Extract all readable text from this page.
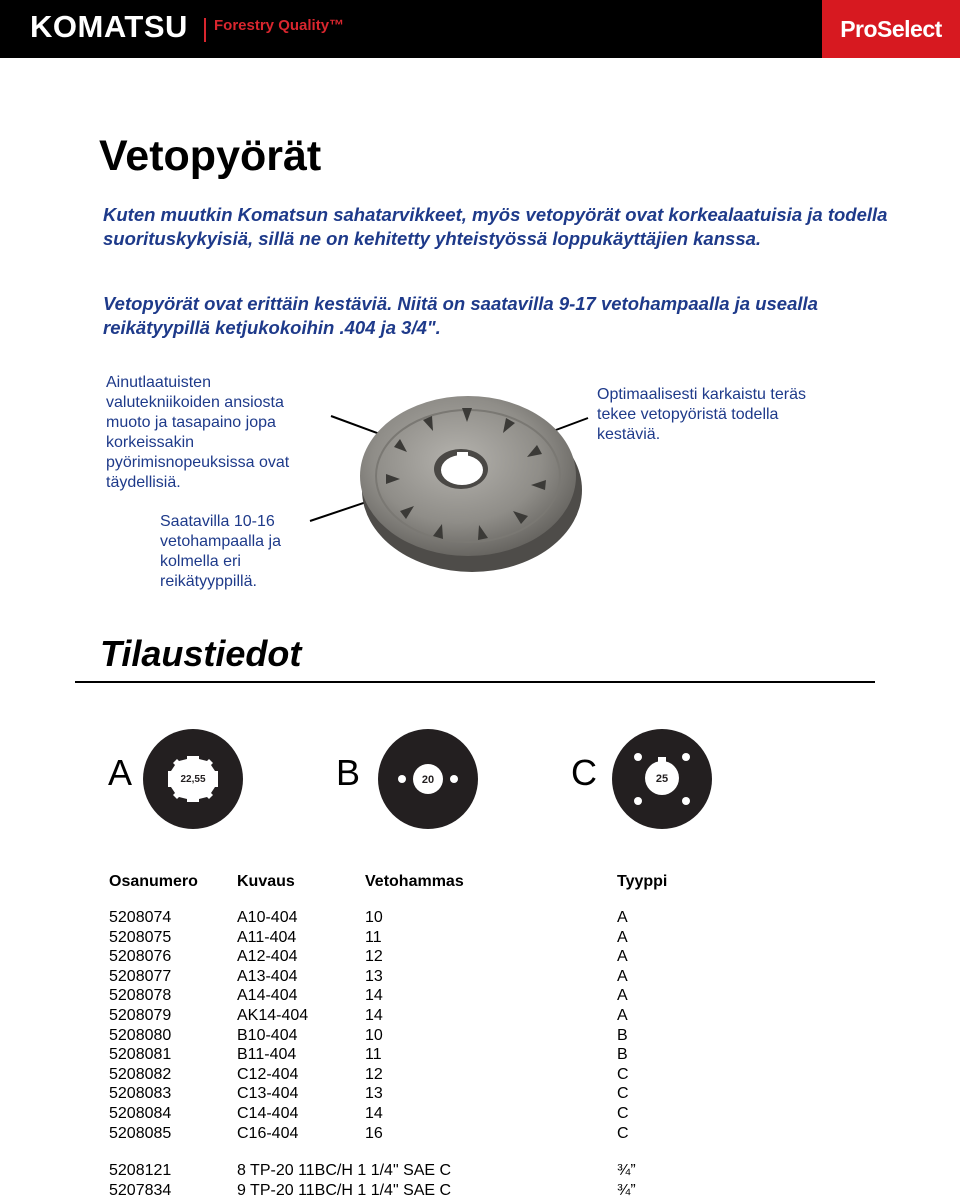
KOMATSU Forestry Quality™	ProSelect
Vetopyörät

Kuten muutkin Komatsun sahatarvikkeet, myös vetopyörät ovat korkealaatuisia ja todella suorituskykyisiä, sillä ne on kehitetty yhteistyössä loppukäyttäjien kanssa.

Vetopyörät ovat erittäin kestäviä. Niitä on saatavilla 9-17 vetohampaalla ja usealla reikätyypillä ketjukokoihin .404 ja 3/4".

Ainutlaatuisten valutekniikoiden ansiosta muoto ja tasapaino jopa korkeissakin pyörimisnopeuksissa ovat täydellisiä.

Optimaalisesti karkaistu teräs tekee vetopyöristä todella kestäviä.

Saatavilla 10-16 vetohampaalla ja kolmella eri reikätyyppillä.

Tilaustiedot
A	22,55	B	20	C	25
Osanumero	Kuvaus	Vetohammas	Tyyppi

5208074	A10-404	10	A
5208075	A11-404	11	A
5208076	A12-404	12	A
5208077	A13-404	13	A
5208078	A14-404	14	A
5208079	AK14-404	14	A
5208080	B10-404	10	B
5208081	B11-404	11	B
5208082	C12-404	12	C
5208083	C13-404	13	C
5208084	C14-404	14	C
5208085	C16-404	16	C

5208121	8 TP-20 11BC/H 1 1/4" SAE C		¾”
5207834	9 TP-20 11BC/H 1 1/4" SAE C		¾”
